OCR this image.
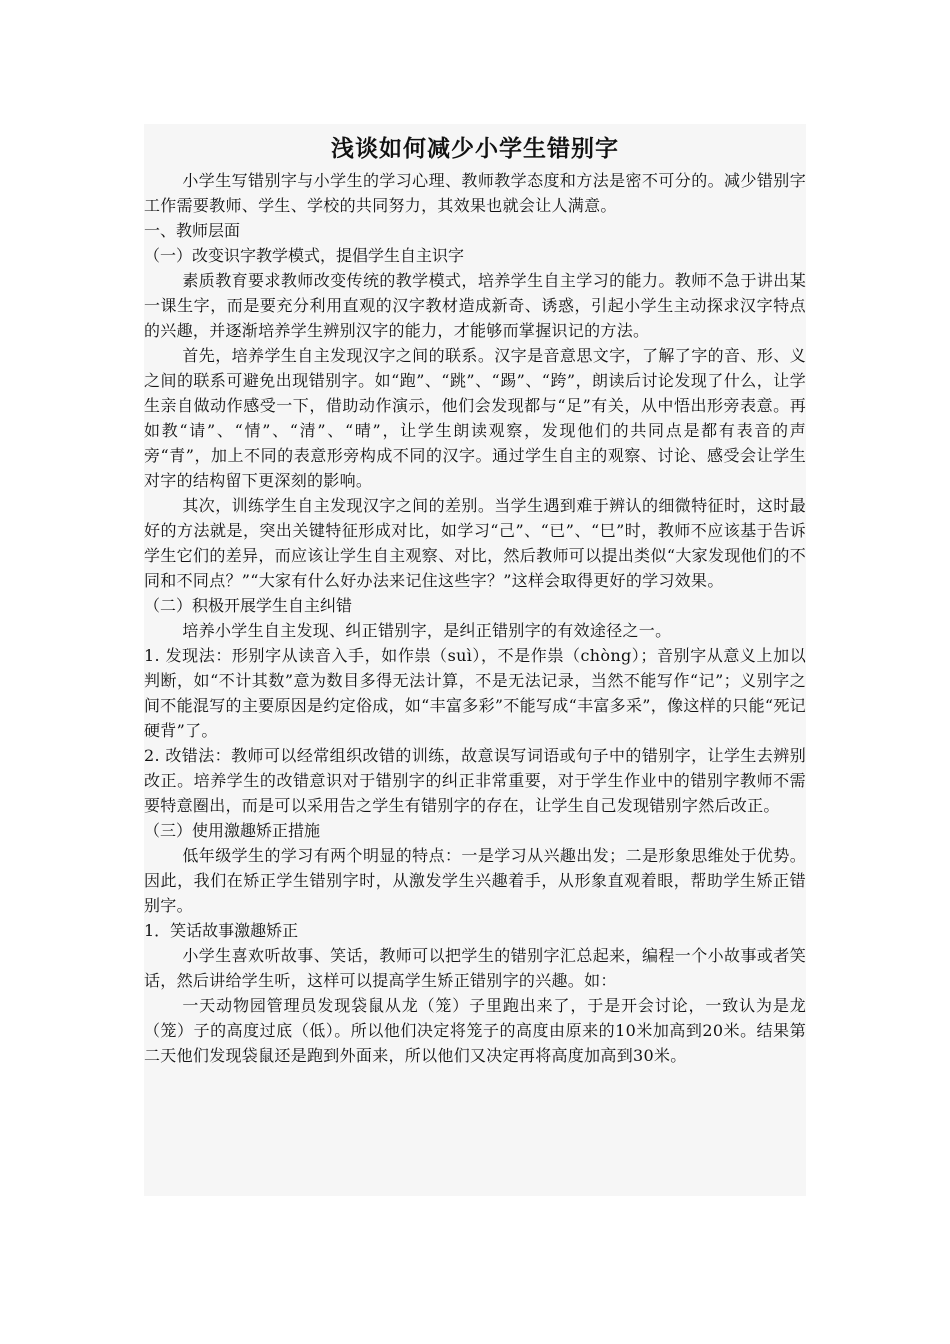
浅谈如何减少小学生错别字

小学生写错别字与小学生的学习心理、教师教学态度和方法是密不可分的。减少错别字工作需要教师、学生、学校的共同努力，其效果也就会让人满意。

一、教师层面

（一）改变识字教学模式，提倡学生自主识字

素质教育要求教师改变传统的教学模式，培养学生自主学习的能力。教师不急于讲出某一课生字，而是要充分利用直观的汉字教材造成新奇、诱惑，引起小学生主动探求汉字特点的兴趣，并逐渐培养学生辨别汉字的能力，才能够而掌握识记的方法。

首先，培养学生自主发现汉字之间的联系。汉字是音意思文字，了解了字的音、形、义之间的联系可避免出现错别字。如“跑”、“跳”、“踢”、“跨”，朗读后讨论发现了什么，让学生亲自做动作感受一下，借助动作演示，他们会发现都与“足”有关，从中悟出形旁表意。再如教“请”、“情”、“清”、“晴”，让学生朗读观察，发现他们的共同点是都有表音的声旁“青”，加上不同的表意形旁构成不同的汉字。通过学生自主的观察、讨论、感受会让学生对字的结构留下更深刻的影响。

其次，训练学生自主发现汉字之间的差别。当学生遇到难于辨认的细微特征时，这时最好的方法就是，突出关键特征形成对比，如学习“己”、“已”、“巳”时，教师不应该基于告诉学生它们的差异，而应该让学生自主观察、对比，然后教师可以提出类似“大家发现他们的不同和不同点？”“大家有什么好办法来记住这些字？”这样会取得更好的学习效果。

（二）积极开展学生自主纠错

培养小学生自主发现、纠正错别字，是纠正错别字的有效途径之一。

1. 发现法：形别字从读音入手，如作祟（suì），不是作祟（chòng）；音别字从意义上加以判断，如“不计其数”意为数目多得无法计算，不是无法记录，当然不能写作“记”；义别字之间不能混写的主要原因是约定俗成，如“丰富多彩”不能写成“丰富多采”，像这样的只能“死记硬背”了。

2. 改错法：教师可以经常组织改错的训练，故意误写词语或句子中的错别字，让学生去辨别改正。培养学生的改错意识对于错别字的纠正非常重要，对于学生作业中的错别字教师不需要特意圈出，而是可以采用告之学生有错别字的存在，让学生自己发现错别字然后改正。

（三）使用激趣矫正措施

低年级学生的学习有两个明显的特点：一是学习从兴趣出发；二是形象思维处于优势。因此，我们在矫正学生错别字时，从激发学生兴趣着手，从形象直观着眼，帮助学生矫正错别字。

1．笑话故事激趣矫正

小学生喜欢听故事、笑话，教师可以把学生的错别字汇总起来，编程一个小故事或者笑话，然后讲给学生听，这样可以提高学生矫正错别字的兴趣。如：

一天动物园管理员发现袋鼠从龙（笼）子里跑出来了，于是开会讨论，一致认为是龙（笼）子的高度过底（低）。所以他们决定将笼子的高度由原来的10米加高到20米。结果第二天他们发现袋鼠还是跑到外面来，所以他们又决定再将高度加高到30米。
